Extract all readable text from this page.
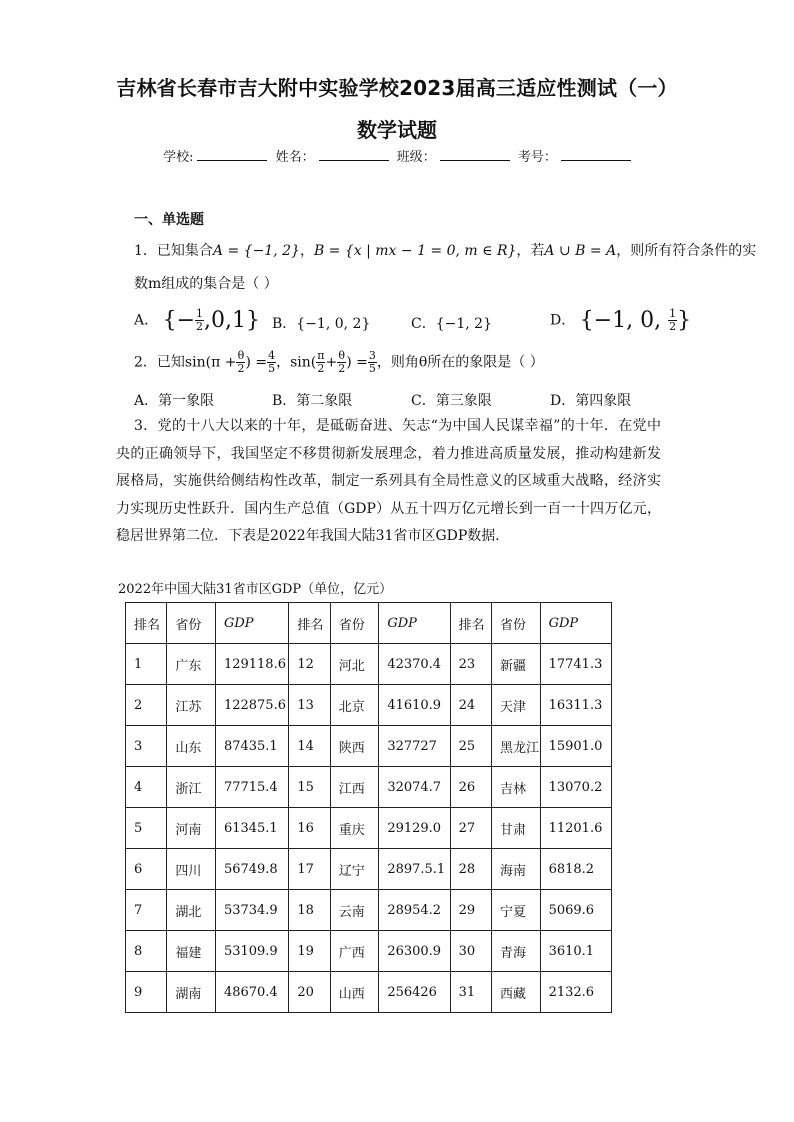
吉林省长春市吉大附中实验学校2023届高三适应性测试（一）
数学试题
学校:	姓名：	班级：	考号：
一、单选题
1．已知集合A = {−1, 2}，B = {x | mx − 1 = 0, m ∈ R}，若A ∪ B = A，则所有符合条件的实
数m组成的集合是（ ）
A． {− $\frac{1}{2} ,0,1$} B．{−1, 0, 2}	C．{−1, 2}	D． {−1, 0, $\frac{1}{2}$ }
2．已知$\sin(\pi + \frac{\theta}{2}$ ) = $\frac{4}{5}$ ，$\sin( \frac{\pi}{2} + \frac{\theta}{2}$ ) = $\frac{3}{5}$ ，则角θ所在的象限是（ ）
A．第一象限	B．第二象限	C．第三象限	D．第四象限
3．党的十八大以来的十年，是砥砺奋进、矢志“为中国人民谋幸福”的十年．在党中央的正确领导下，我国坚定不移贯彻新发展理念，着力推进高质量发展，推动构建新发展格局，实施供给侧结构性改革，制定一系列具有全局性意义的区域重大战略，经济实力实现历史性跃升．国内生产总值（GDP）从五十四万亿元增长到一百一十四万亿元，稳居世界第二位．下表是2022年我国大陆31省市区GDP数据．
2022年中国大陆31省市区GDP（单位，亿元）
排名	省份	GDP	排名	省份	GDP	排名	省份	GDP
1	广东	129118.6	12	河北	42370.4	23	新疆	17741.3
2	江苏	122875.6	13	北京	41610.9	24	天津	16311.3
3	山东	87435.1	14	陕西	327727	25	黑龙江	15901.0
4	浙江	77715.4	15	江西	32074.7	26	吉林	13070.2
5	河南	61345.1	16	重庆	29129.0	27	甘肃	11201.6
6	四川	56749.8	17	辽宁	2897.5.1	28	海南	6818.2
7	湖北	53734.9	18	云南	28954.2	29	宁夏	5069.6
8	福建	53109.9	19	广西	26300.9	30	青海	3610.1
9	湖南	48670.4	20	山西	256426	31	西藏	2132.6
